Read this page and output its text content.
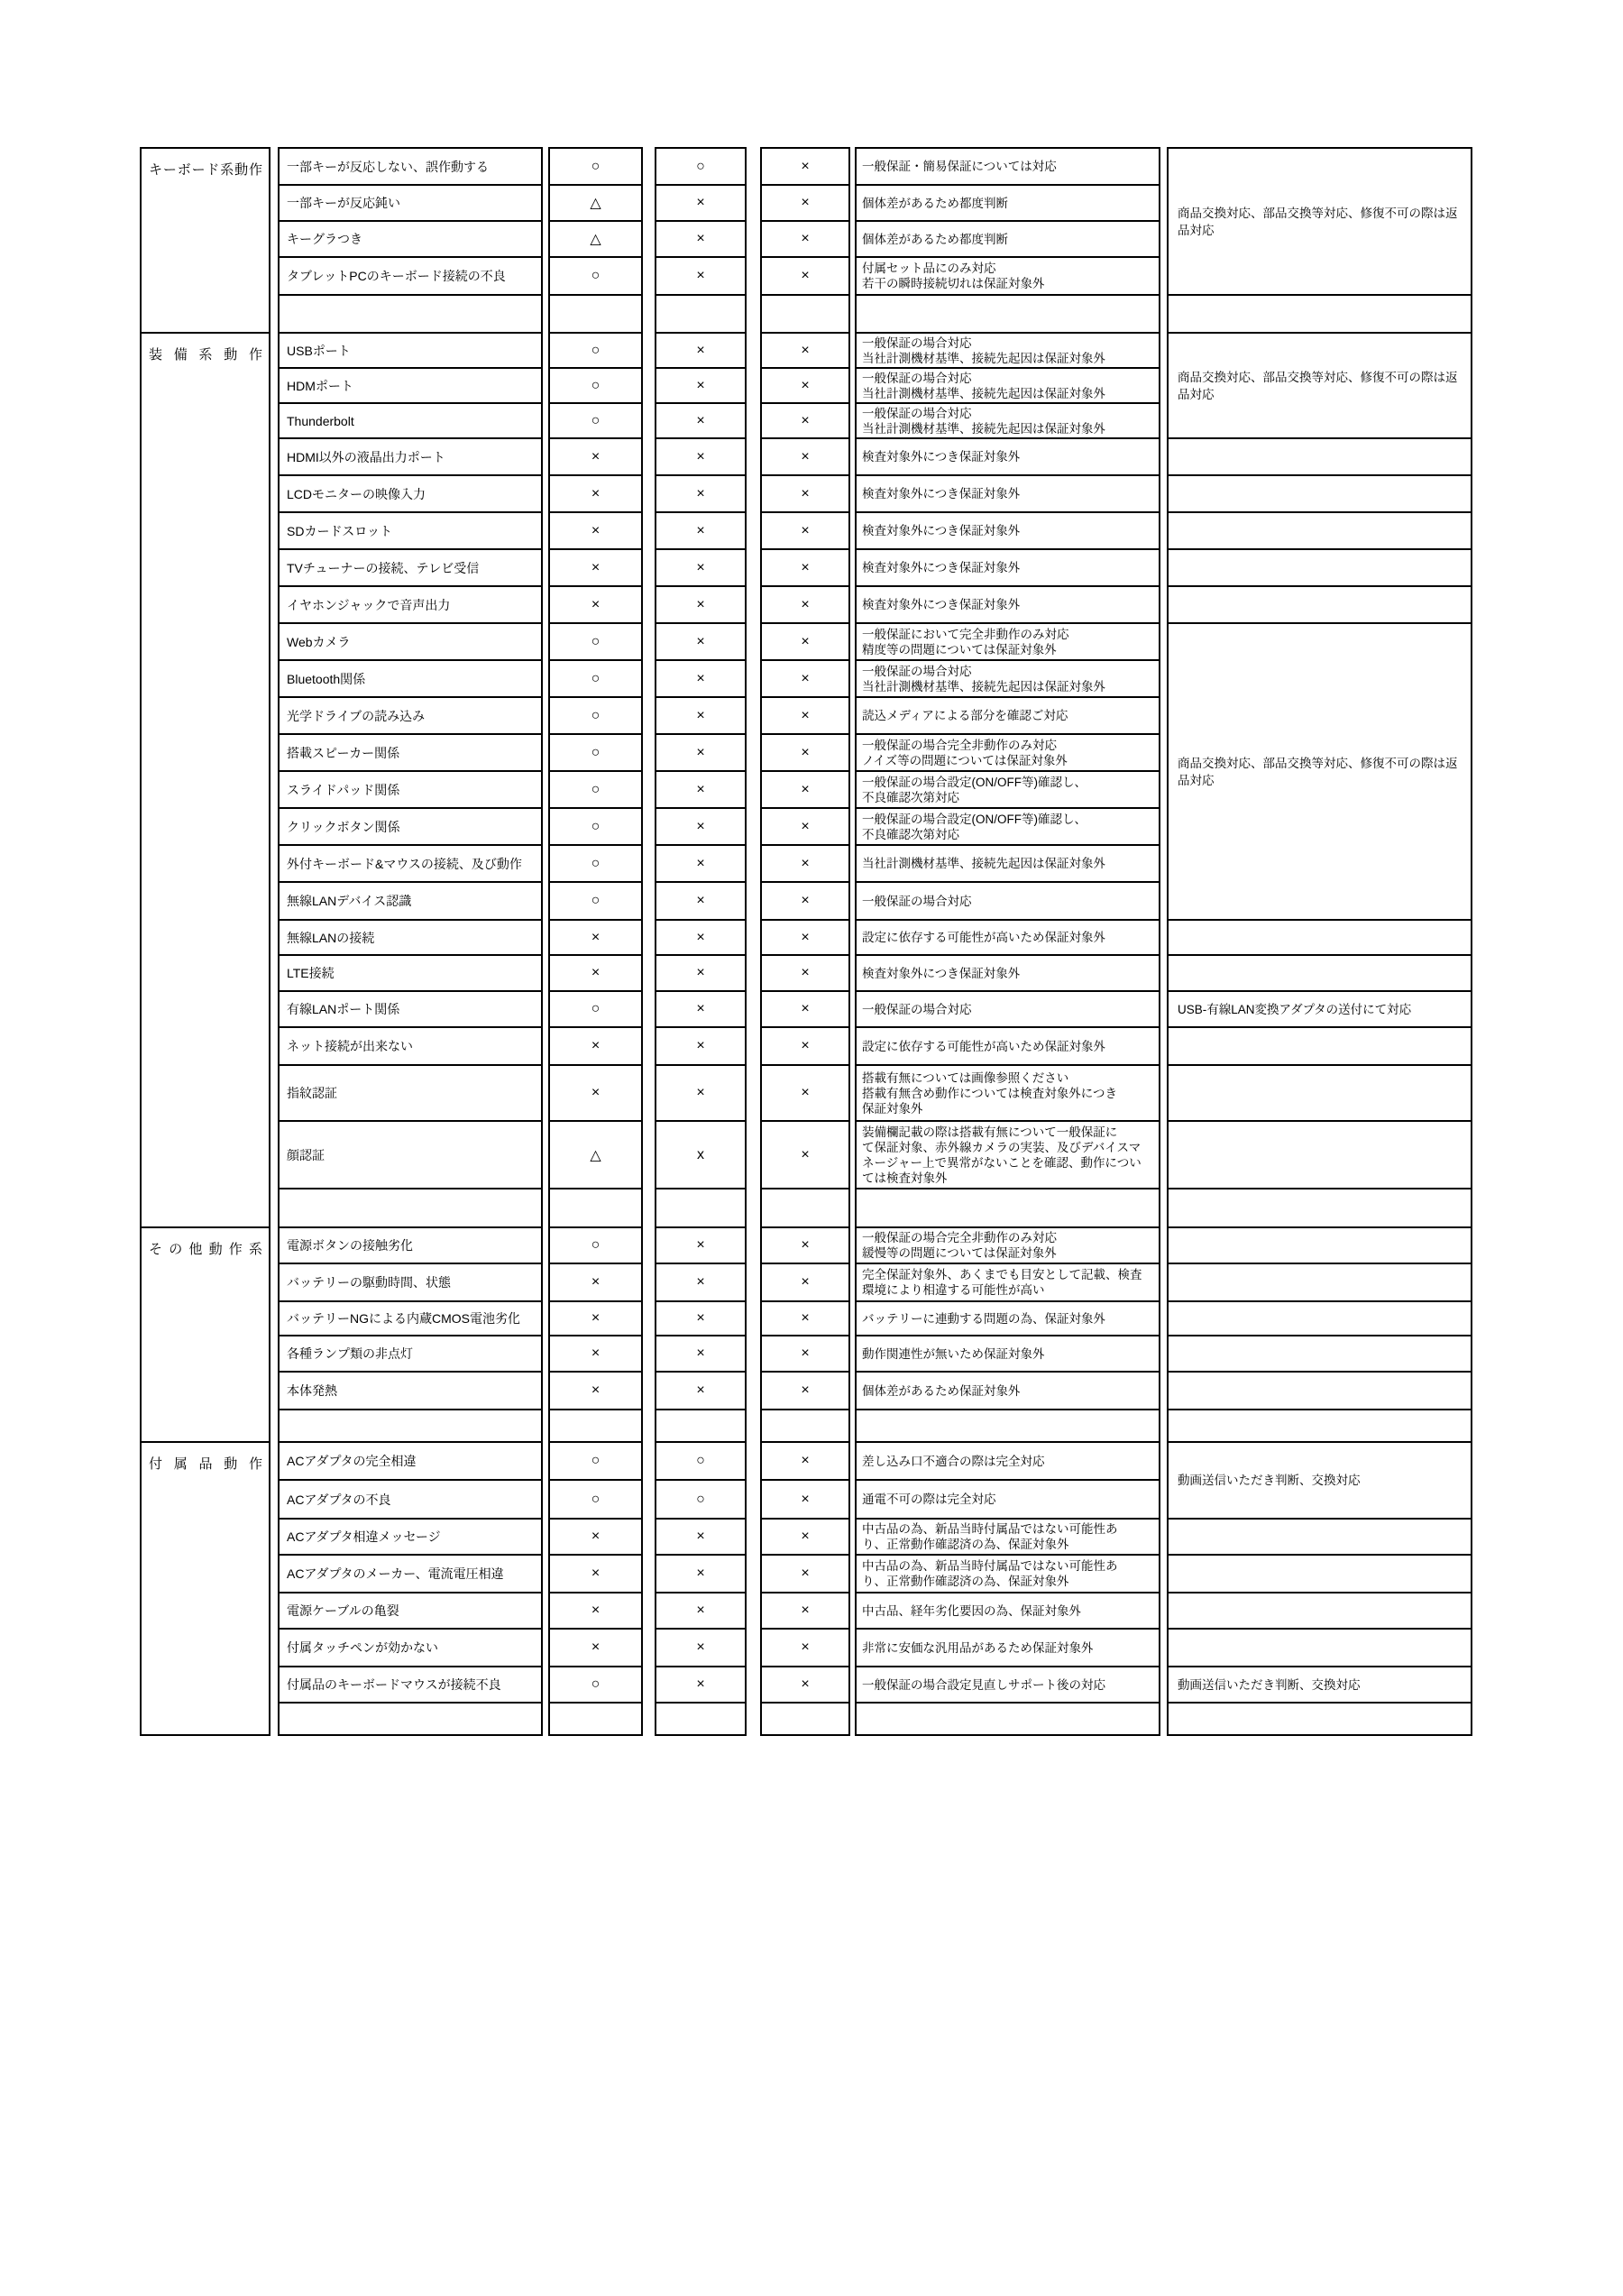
キーボード系動作
装備系動作
その他動作系
付属品動作
一部キーが反応しない、誤作動する
一部キーが反応鈍い
キーグラつき
タブレットPCのキーボード接続の不良
USBポート
HDMポート
Thunderbolt
HDMI以外の液晶出力ポート
LCDモニターの映像入力
SDカードスロット
TVチューナーの接続、テレビ受信
イヤホンジャックで音声出力
Webカメラ
Bluetooth関係
光学ドライブの読み込み
搭載スピーカー関係
スライドパッド関係
クリックボタン関係
外付キーボード&マウスの接続、及び動作
無線LANデバイス認識
無線LANの接続
LTE接続
有線LANポート関係
ネット接続が出来ない
指紋認証
顔認証
電源ボタンの接触劣化
バッテリーの駆動時間、状態
バッテリーNGによる内蔵CMOS電池劣化
各種ランプ類の非点灯
本体発熱
ACアダプタの完全相違
ACアダプタの不良
ACアダプタ相違メッセージ
ACアダプタのメーカー、電流電圧相違
電源ケーブルの亀裂
付属タッチペンが効かない
付属品のキーボードマウスが接続不良
○
△
△
○
○
○
○
×
×
×
×
×
○
○
○
○
○
○
○
○
×
×
○
×
×
△
○
×
×
×
×
○
○
×
×
×
×
○
○
×
×
×
×
×
×
×
×
×
×
×
×
×
×
×
×
×
×
×
×
×
×
×
×
x
×
×
×
×
×
○
○
×
×
×
×
×
×
×
×
×
×
×
×
×
×
×
×
×
×
×
×
×
×
×
×
×
×
×
×
×
×
×
×
×
×
×
×
×
×
×
×
×
×
×
一般保証・簡易保証については対応
個体差があるため都度判断
個体差があるため都度判断
付属セット品にのみ対応
若干の瞬時接続切れは保証対象外
一般保証の場合対応
当社計測機材基準、接続先起因は保証対象外
一般保証の場合対応
当社計測機材基準、接続先起因は保証対象外
一般保証の場合対応
当社計測機材基準、接続先起因は保証対象外
検査対象外につき保証対象外
検査対象外につき保証対象外
検査対象外につき保証対象外
検査対象外につき保証対象外
検査対象外につき保証対象外
一般保証において完全非動作のみ対応
精度等の問題については保証対象外
一般保証の場合対応
当社計測機材基準、接続先起因は保証対象外
読込メディアによる部分を確認ご対応
一般保証の場合完全非動作のみ対応
ノイズ等の問題については保証対象外
一般保証の場合設定(ON/OFF等)確認し、
不良確認次第対応
一般保証の場合設定(ON/OFF等)確認し、
不良確認次第対応
当社計測機材基準、接続先起因は保証対象外
一般保証の場合対応
設定に依存する可能性が高いため保証対象外
検査対象外につき保証対象外
一般保証の場合対応
設定に依存する可能性が高いため保証対象外
搭載有無については画像参照ください
搭載有無含め動作については検査対象外につき
保証対象外
装備欄記載の際は搭載有無について一般保証に
て保証対象、赤外線カメラの実装、及びデバイスマ
ネージャー上で異常がないことを確認、動作につい
ては検査対象外
一般保証の場合完全非動作のみ対応
緩慢等の問題については保証対象外
完全保証対象外、あくまでも目安として記載、検査
環境により相違する可能性が高い
バッテリーに連動する問題の為、保証対象外
動作関連性が無いため保証対象外
個体差があるため保証対象外
差し込み口不適合の際は完全対応
通電不可の際は完全対応
中古品の為、新品当時付属品ではない可能性あ
り、正常動作確認済の為、保証対象外
中古品の為、新品当時付属品ではない可能性あ
り、正常動作確認済の為、保証対象外
中古品、経年劣化要因の為、保証対象外
非常に安価な汎用品があるため保証対象外
一般保証の場合設定見直しサポート後の対応
商品交換対応、部品交換等対応、修復不可の際は返品対応
商品交換対応、部品交換等対応、修復不可の際は返品対応
商品交換対応、部品交換等対応、修復不可の際は返品対応
USB-有線LAN変換アダプタの送付にて対応
動画送信いただき判断、交換対応
動画送信いただき判断、交換対応
